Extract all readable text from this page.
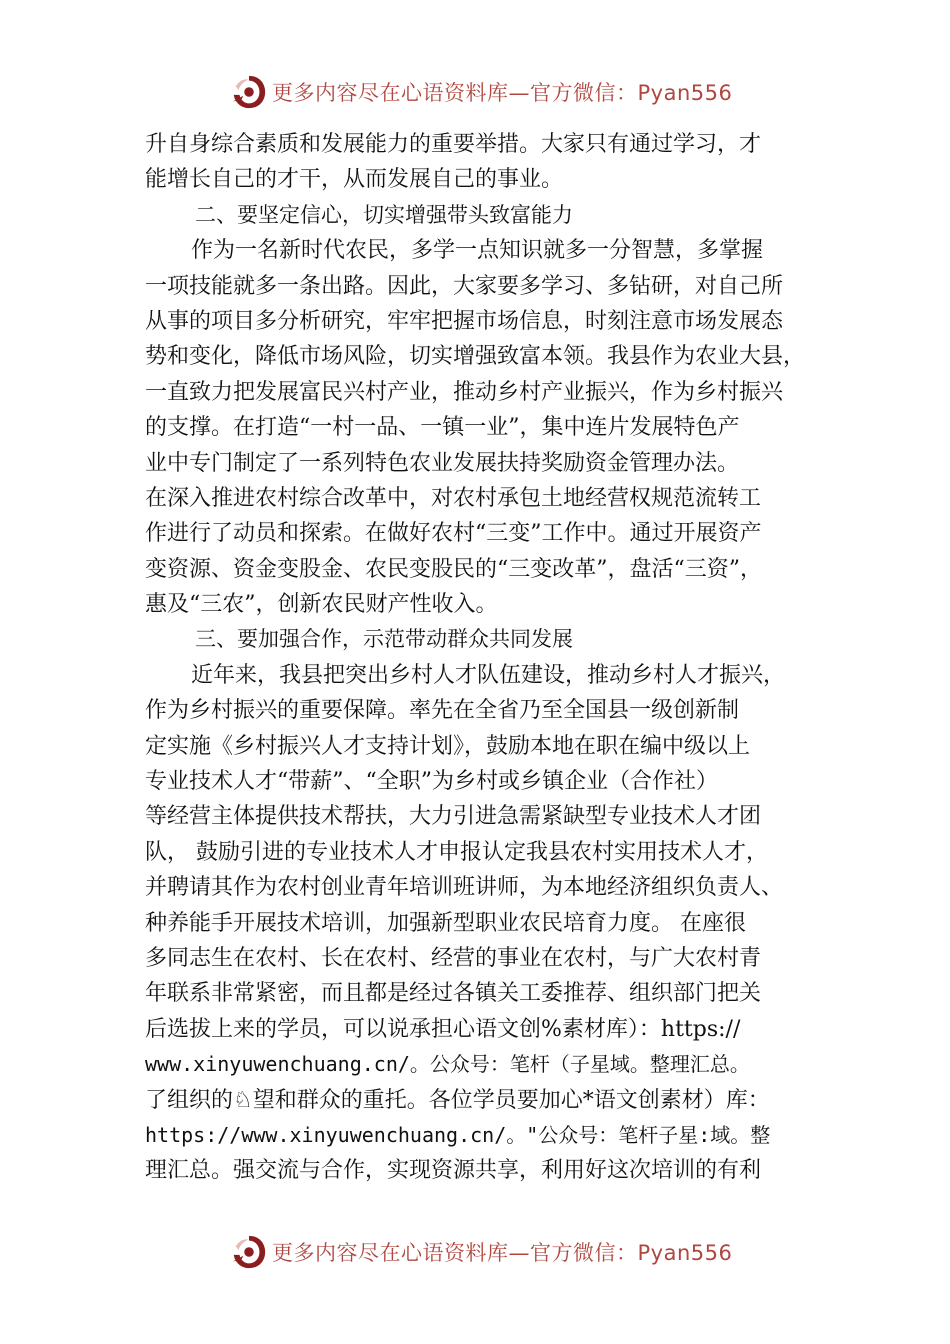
更多内容尽在心语资料库—官方微信：Pyan556
升自身综合素质和发展能力的重要举措。大家只有通过学习，才
能增长自己的才干，从而发展自己的事业。
二、要坚定信心，切实增强带头致富能力
作为一名新时代农民，多学一点知识就多一分智慧，多掌握
一项技能就多一条出路。因此，大家要多学习、多钻研，对自己所
从事的项目多分析研究，牢牢把握市场信息，时刻注意市场发展态
势和变化，降低市场风险，切实增强致富本领。我县作为农业大县，
一直致力把发展富民兴村产业，推动乡村产业振兴，作为乡村振兴
的支撑。在打造“一村一品、一镇一业”，集中连片发展特色产
业中专门制定了一系列特色农业发展扶持奖励资金管理办法。
在深入推进农村综合改革中，对农村承包土地经营权规范流转工
作进行了动员和探索。在做好农村“三变”工作中。通过开展资产
变资源、资金变股金、农民变股民的“三变改革”，盘活“三资”，
惠及“三农”，创新农民财产性收入。
三、要加强合作，示范带动群众共同发展
近年来，我县把突出乡村人才队伍建设，推动乡村人才振兴，
作为乡村振兴的重要保障。率先在全省乃至全国县一级创新制
定实施《乡村振兴人才支持计划》，鼓励本地在职在编中级以上
专业技术人才“带薪”、“全职”为乡村或乡镇企业（合作社）
等经营主体提供技术帮扶，大力引进急需紧缺型专业技术人才团
队， 鼓励引进的专业技术人才申报认定我县农村实用技术人才，
并聘请其作为农村创业青年培训班讲师，为本地经济组织负责人、
种养能手开展技术培训，加强新型职业农民培育力度。 在座很
多同志生在农村、长在农村、经营的事业在农村，与广大农村青
年联系非常紧密，而且都是经过各镇关工委推荐、组织部门把关
后选拔上来的学员，可以说承担心语文创%素材库）：https://
www.xinyuwenchuang.cn/。公众号：笔杆（子星域。整理汇总。
了组织的♘望和群众的重托。各位学员要加心*语文创素材）库：
https://www.xinyuwenchuang.cn/。"公众号：笔杆子星:域。整
理汇总。强交流与合作，实现资源共享，利用好这次培训的有利
更多内容尽在心语资料库—官方微信：Pyan556
